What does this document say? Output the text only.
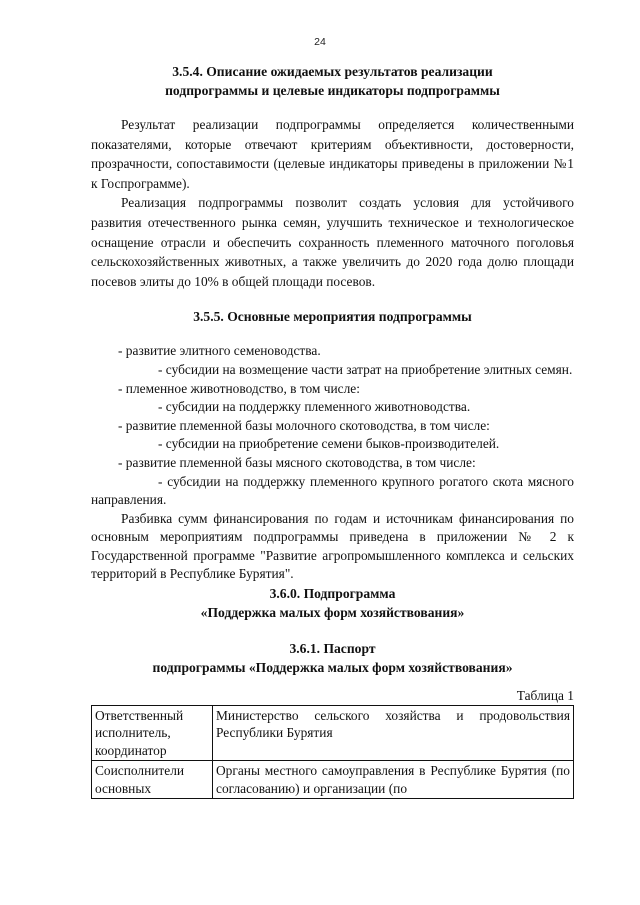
24
3.5.4. Описание ожидаемых результатов реализации
подпрограммы и целевые индикаторы подпрограммы

Результат реализации подпрограммы определяется количественными показателями, которые отвечают критериям объективности, достоверности, прозрачности, сопоставимости (целевые индикаторы приведены в приложении №1 к Госпрограмме).

Реализация подпрограммы позволит создать условия для устойчивого развития отечественного рынка семян, улучшить техническое и технологическое оснащение отрасли и обеспечить сохранность племенного маточного поголовья сельскохозяйственных животных, а также увеличить до 2020 года долю площади посевов элиты до 10% в общей площади посевов.

3.5.5. Основные мероприятия подпрограммы
- развитие элитного семеноводства.
- субсидии на возмещение части затрат на приобретение элитных семян.
- племенное животноводство, в том числе:
- субсидии на поддержку племенного животноводства.
- развитие племенной базы молочного скотоводства, в том числе:
- субсидии на приобретение семени быков-производителей.
- развитие племенной базы мясного скотоводства, в том числе:
- субсидии на поддержку племенного крупного рогатого скота мясного направления.

Разбивка сумм финансирования по годам и источникам финансирования по основным мероприятиям подпрограммы приведена в приложении № 2 к Государственной программе "Развитие агропромышленного комплекса и сельских территорий в Республике Бурятия".

3.6.0. Подпрограмма
«Поддержка малых форм хозяйствования»
3.6.1. Паспорт
подпрограммы «Поддержка малых форм хозяйствования»
Таблица 1
Ответственный исполнитель, координатор	Министерство сельского хозяйства и продовольствия Республики Бурятия
Соисполнители основных	Органы местного самоуправления в Республике Бурятия (по согласованию) и организации (по
